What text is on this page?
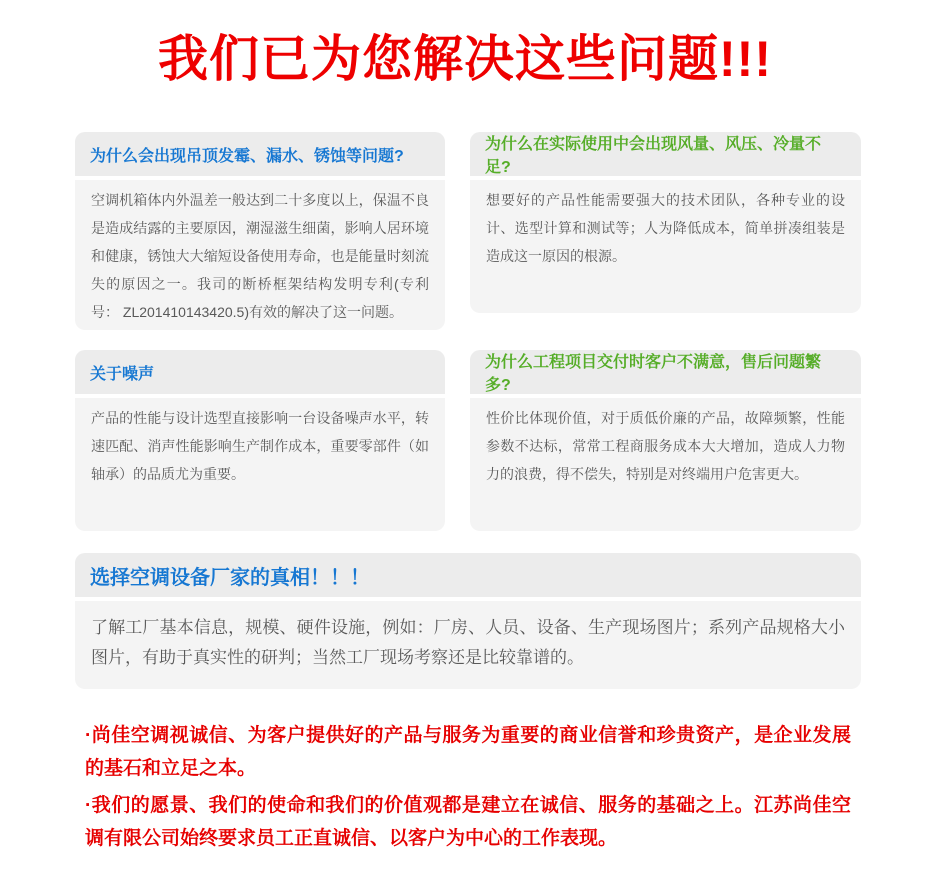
我们已为您解决这些问题!!!
为什么会出现吊顶发霉、漏水、锈蚀等问题?
空调机箱体内外温差一般达到二十多度以上，保温不良是造成结露的主要原因，潮湿滋生细菌，影响人居环境和健康，锈蚀大大缩短设备使用寿命，也是能量时刻流失的原因之一。我司的断桥框架结构发明专利(专利号： ZL201410143420.5)有效的解决了这一问题。
为什么在实际使用中会出现风量、风压、冷量不足?
想要好的产品性能需要强大的技术团队，各种专业的设计、选型计算和测试等；人为降低成本，简单拼凑组装是造成这一原因的根源。
关于噪声
产品的性能与设计选型直接影响一台设备噪声水平，转速匹配、消声性能影响生产制作成本，重要零部件（如轴承）的品质尤为重要。
为什么工程项目交付时客户不满意，售后问题繁多?
性价比体现价值，对于质低价廉的产品，故障频繁，性能参数不达标，常常工程商服务成本大大增加，造成人力物力的浪费，得不偿失，特别是对终端用户危害更大。
选择空调设备厂家的真相！！！
了解工厂基本信息，规模、硬件设施，例如：厂房、人员、设备、生产现场图片；系列产品规格大小图片，有助于真实性的研判；当然工厂现场考察还是比较靠谱的。

·尚佳空调视诚信、为客户提供好的产品与服务为重要的商业信誉和珍贵资产，是企业发展的基石和立足之本。

·我们的愿景、我们的使命和我们的价值观都是建立在诚信、服务的基础之上。江苏尚佳空调有限公司始终要求员工正直诚信、以客户为中心的工作表现。
